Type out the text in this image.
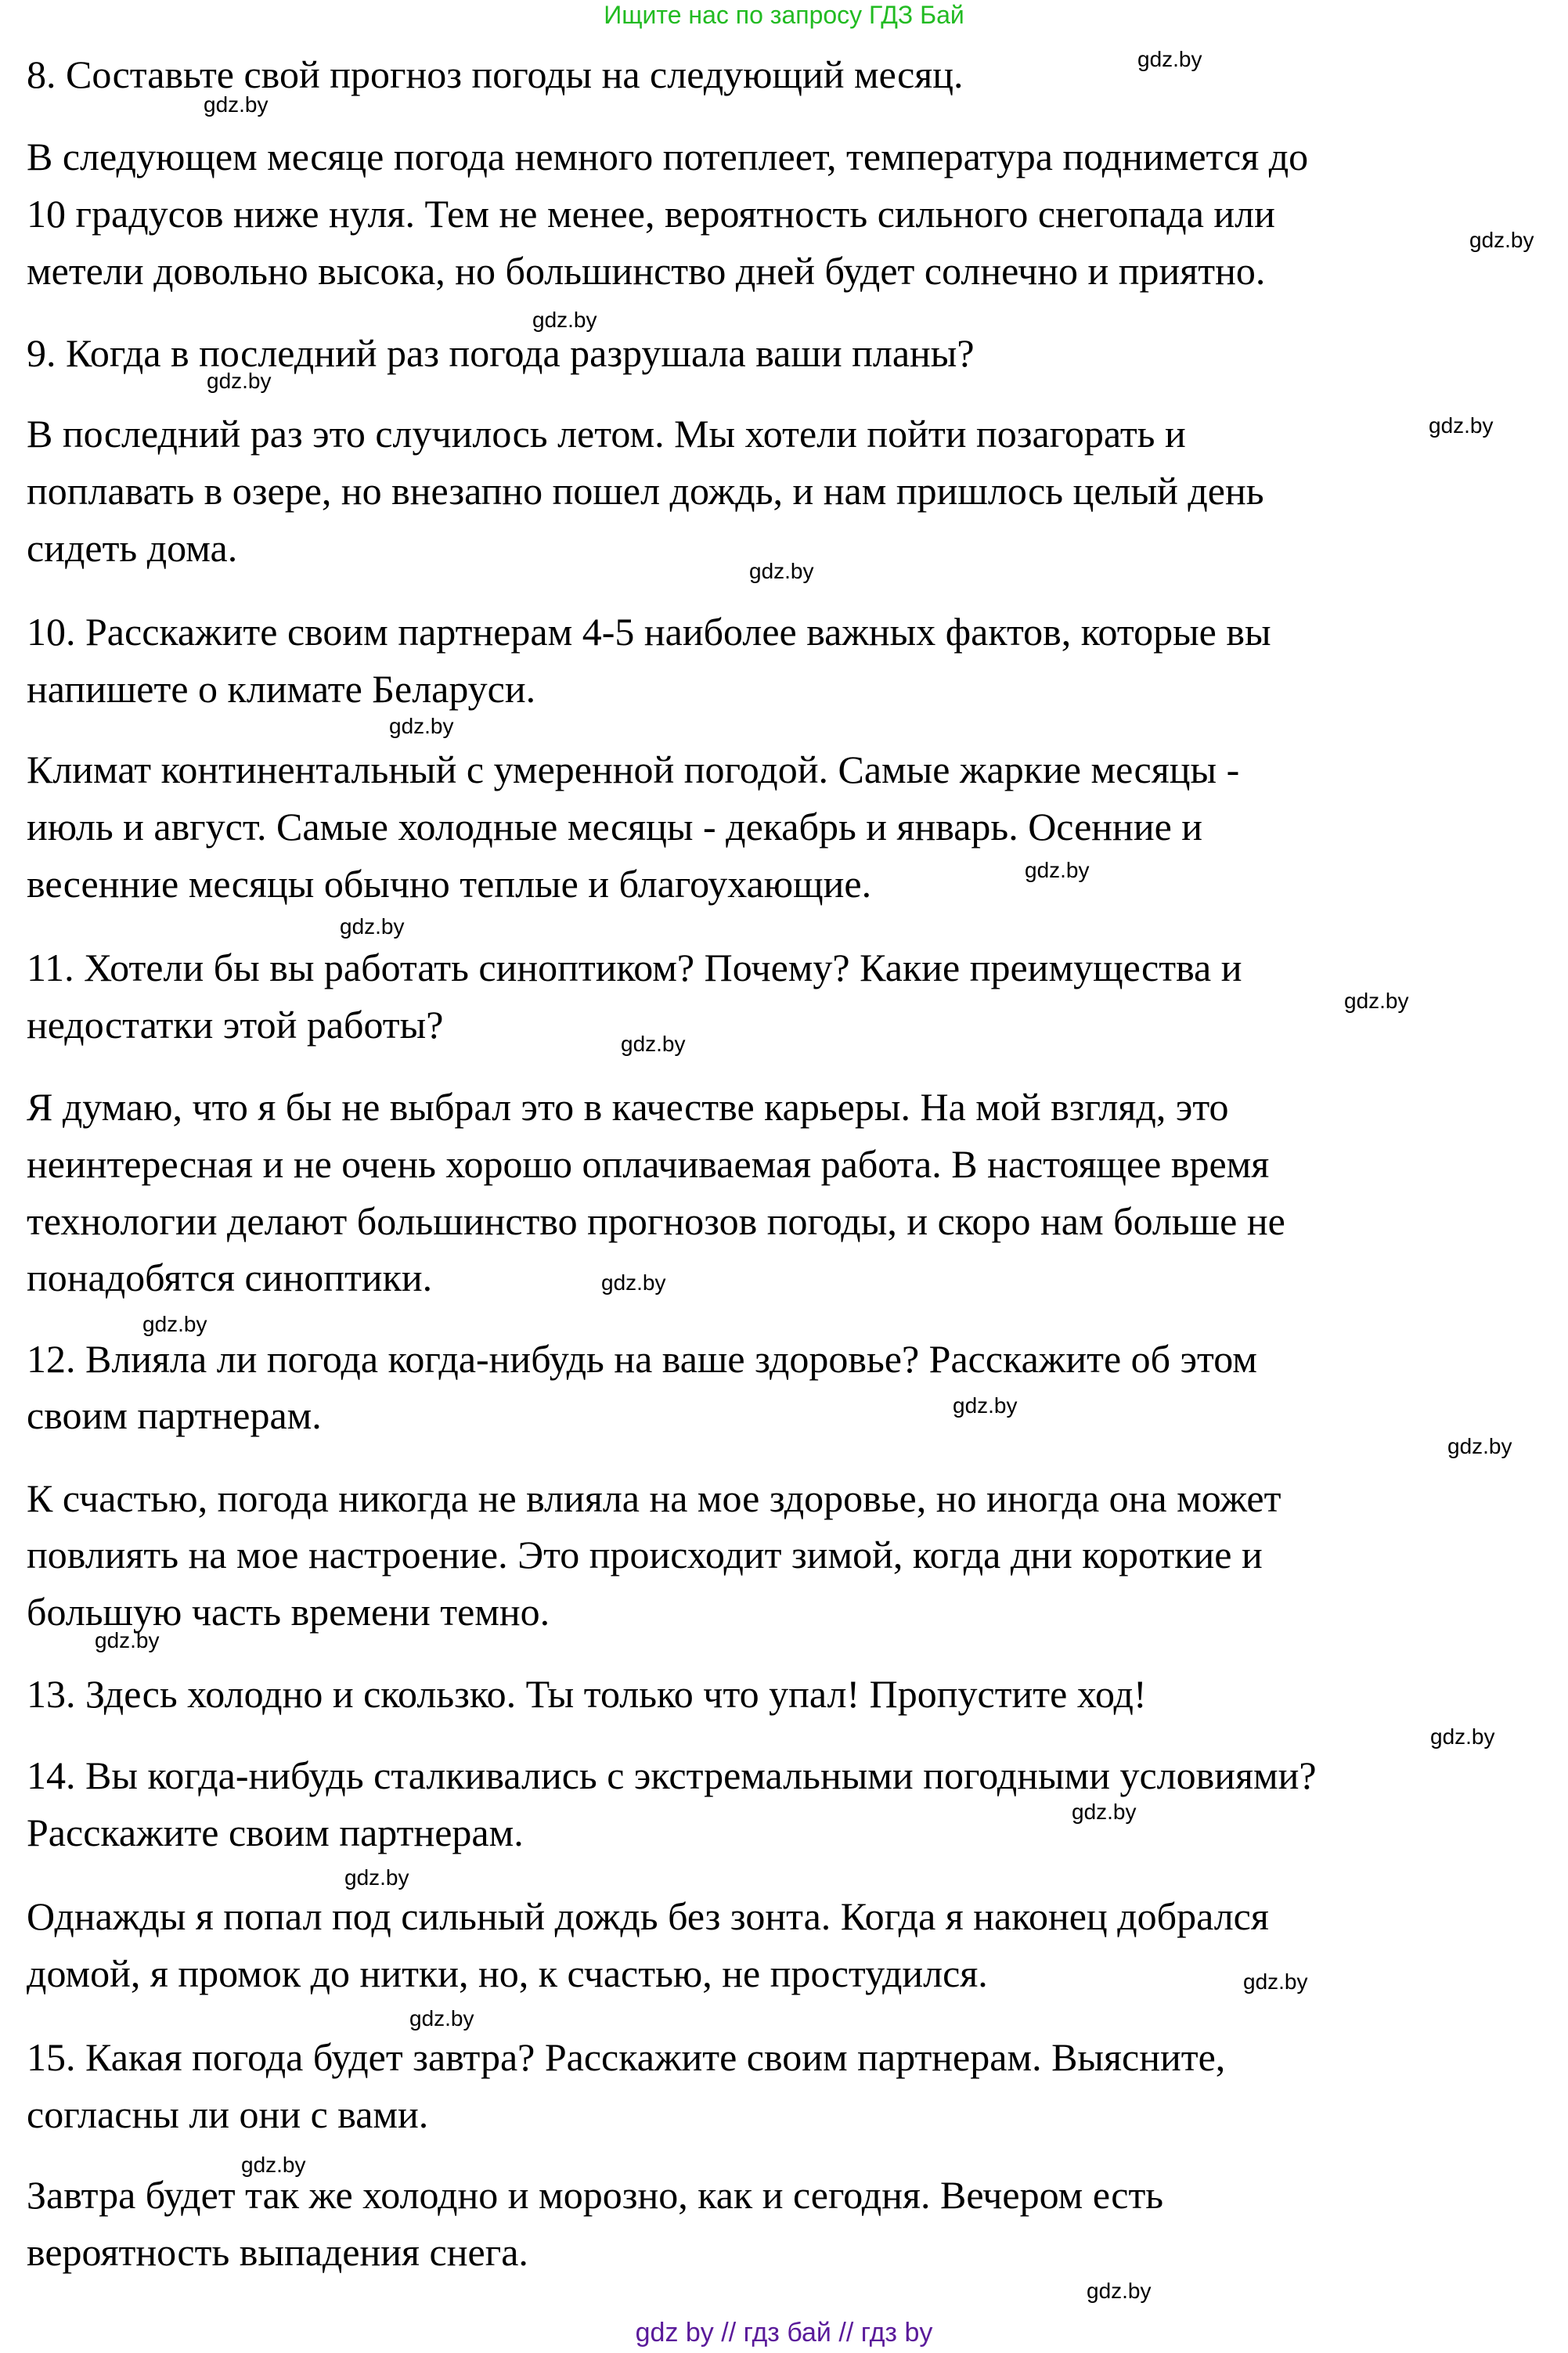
Ищите нас по запросу ГДЗ Бай
8. Составьте свой прогноз погоды на следующий месяц.
В следующем месяце погода немного потеплеет, температура поднимется до
10 градусов ниже нуля. Тем не менее, вероятность сильного снегопада или
метели довольно высока, но большинство дней будет солнечно и приятно.
9. Когда в последний раз погода разрушала ваши планы?
В последний раз это случилось летом. Мы хотели пойти позагорать и
поплавать в озере, но внезапно пошел дождь, и нам пришлось целый день
сидеть дома.
10. Расскажите своим партнерам 4-5 наиболее важных фактов, которые вы
напишете о климате Беларуси.
Климат континентальный с умеренной погодой. Самые жаркие месяцы -
июль и август. Самые холодные месяцы - декабрь и январь. Осенние и
весенние месяцы обычно теплые и благоухающие.
11. Хотели бы вы работать синоптиком? Почему? Какие преимущества и
недостатки этой работы?
Я думаю, что я бы не выбрал это в качестве карьеры. На мой взгляд, это
неинтересная и не очень хорошо оплачиваемая работа. В настоящее время
технологии делают большинство прогнозов погоды, и скоро нам больше не
понадобятся синоптики.
12. Влияла ли погода когда-нибудь на ваше здоровье? Расскажите об этом
своим партнерам.
К счастью, погода никогда не влияла на мое здоровье, но иногда она может
повлиять на мое настроение. Это происходит зимой, когда дни короткие и
большую часть времени темно.
13. Здесь холодно и скользко. Ты только что упал! Пропустите ход!
14. Вы когда-нибудь сталкивались с экстремальными погодными условиями?
Расскажите своим партнерам.
Однажды я попал под сильный дождь без зонта. Когда я наконец добрался
домой, я промок до нитки, но, к счастью, не простудился.
15. Какая погода будет завтра? Расскажите своим партнерам. Выясните,
согласны ли они с вами.
Завтра будет так же холодно и морозно, как и сегодня. Вечером есть
вероятность выпадения снега.
gdz.by
gdz.by
gdz.by
gdz.by
gdz.by
gdz.by
gdz.by
gdz.by
gdz.by
gdz.by
gdz.by
gdz.by
gdz.by
gdz.by
gdz.by
gdz.by
gdz.by
gdz.by
gdz.by
gdz.by
gdz.by
gdz.by
gdz.by
gdz.by
gdz by // гдз бай // гдз by
